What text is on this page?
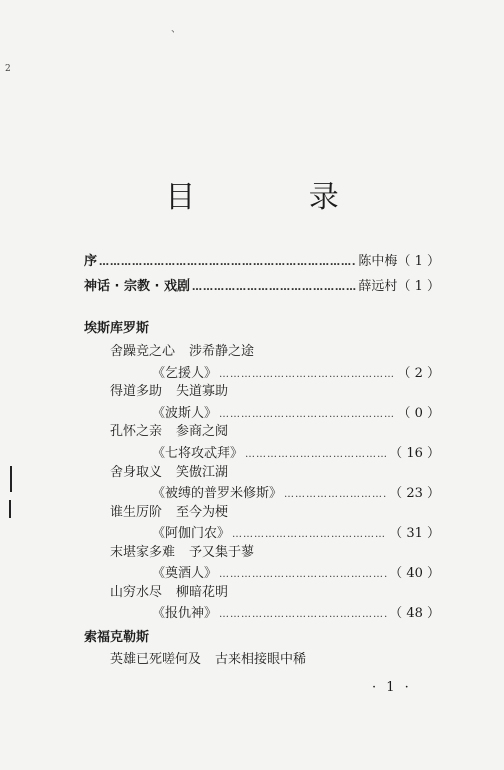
、
2
目 录
序 ……………………………………………………………………………………………………………………………………………………	陈中梅 （ 1 ）
神话 · 宗教 · 戏剧 ……………………………………………………………………………………………………………………………………………………	薛远村 （ 1 ）
埃斯库罗斯
舍躁竞之心 涉希静之途
《乞援人》 ……………………………………………………………………………………………………………………………………………………	（ 2 ）
得道多助 失道寡助
《波斯人》 ……………………………………………………………………………………………………………………………………………………	（ 0 ）
孔怀之亲 参商之阋
《七将攻忒拜》 ……………………………………………………………………………………………………………………………………………………	（ 16 ）
舍身取义 笑傲江湖
《被缚的普罗米修斯》 ……………………………………………………………………………………………………………………………………………………	（ 23 ）
谁生厉阶 至今为梗
《阿伽门农》 ……………………………………………………………………………………………………………………………………………………	（ 31 ）
末堪家多难 予又集于蓼
《奠酒人》 ……………………………………………………………………………………………………………………………………………………	（ 40 ）
山穷水尽 柳暗花明
《报仇神》 ……………………………………………………………………………………………………………………………………………………	（ 48 ）
索福克勒斯
英雄已死嗟何及 古来相接眼中稀
· 1 ·
